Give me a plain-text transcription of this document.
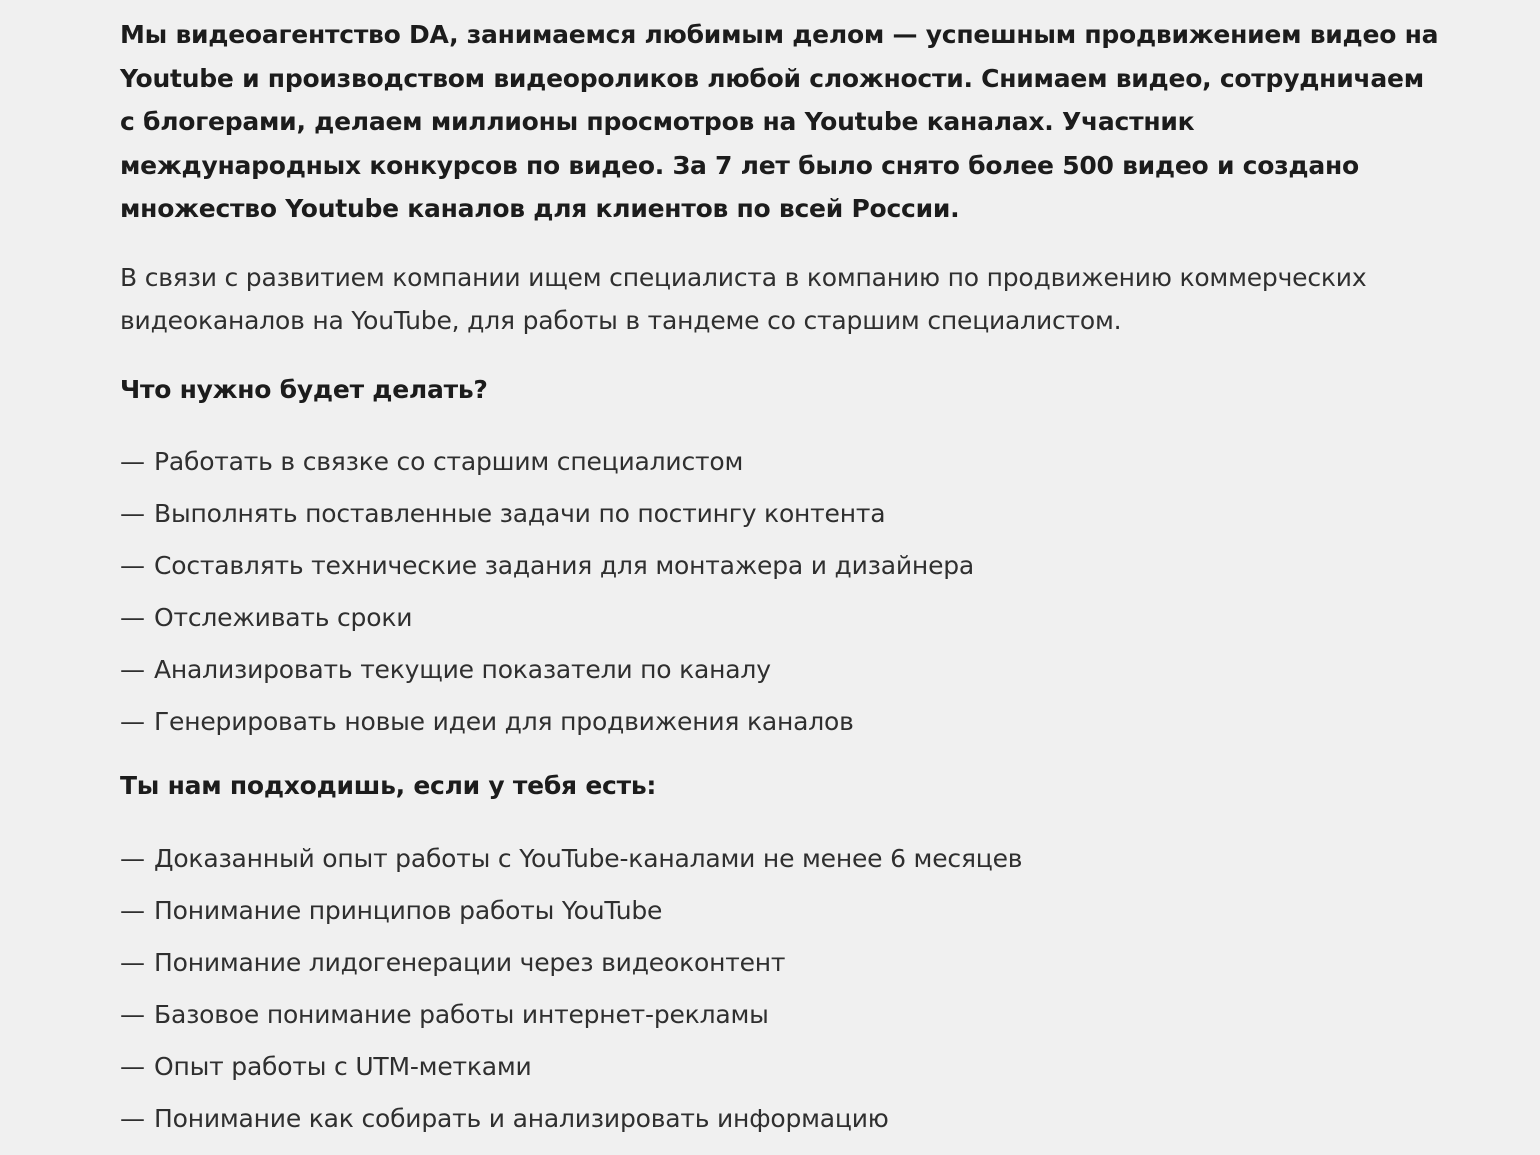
Мы видеоагентство DA, занимаемся любимым делом — успешным продвижением видео на Youtube и производством видеороликов любой сложности. Снимаем видео, сотрудничаем с блогерами, делаем миллионы просмотров на Youtube каналах. Участник международных конкурсов по видео. За 7 лет было снято более 500 видео и создано множество Youtube каналов для клиентов по всей России.

В связи с развитием компании ищем специалиста в компанию по продвижению коммерческих видеоканалов на YouTube, для работы в тандеме со старшим специалистом.

Что нужно будет делать?
— Работать в связке со старшим специалистом
— Выполнять поставленные задачи по постингу контента
— Составлять технические задания для монтажера и дизайнера
— Отслеживать сроки
— Анализировать текущие показатели по каналу
— Генерировать новые идеи для продвижения каналов
Ты нам подходишь, если у тебя есть:
— Доказанный опыт работы с YouTube-каналами не менее 6 месяцев
— Понимание принципов работы YouTube
— Понимание лидогенерации через видеоконтент
— Базовое понимание работы интернет-рекламы
— Опыт работы с UTM-метками
— Понимание как собирать и анализировать информацию
